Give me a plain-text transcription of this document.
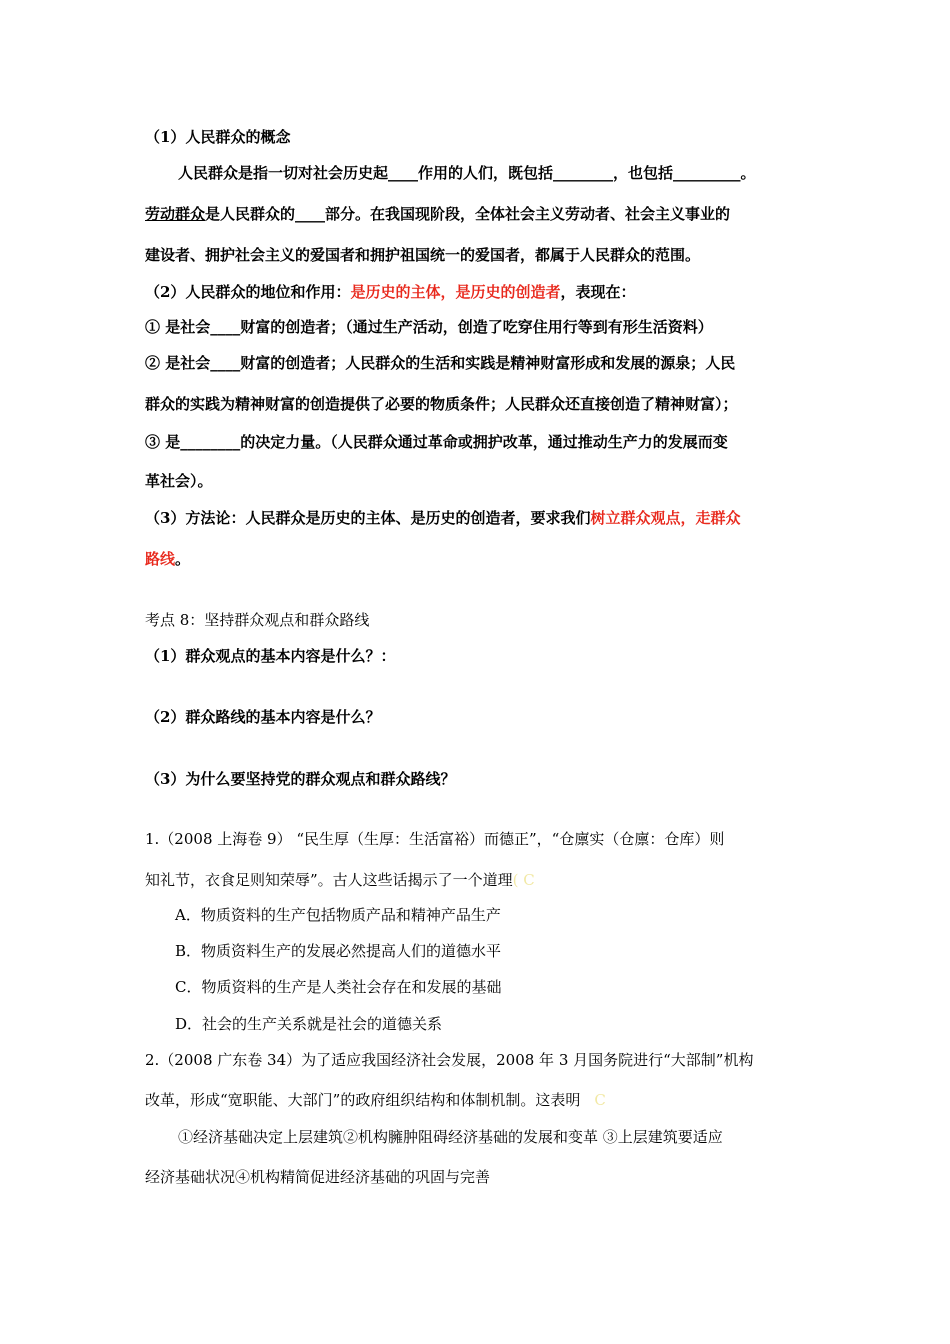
（1）人民群众的概念
人民群众是指一切对社会历史起____作用的人们，既包括________，也包括_________。
劳动群众是人民群众的____部分。在我国现阶段，全体社会主义劳动者、社会主义事业的
建设者、拥护社会主义的爱国者和拥护祖国统一的爱国者，都属于人民群众的范围。
（2）人民群众的地位和作用：是历史的主体，是历史的创造者，表现在：
① 是社会____财富的创造者；（通过生产活动，创造了吃穿住用行等到有形生活资料）
② 是社会____财富的创造者；人民群众的生活和实践是精神财富形成和发展的源泉；人民
群众的实践为精神财富的创造提供了必要的物质条件；人民群众还直接创造了精神财富）；
③ 是________的决定力量。（人民群众通过革命或拥护改革，通过推动生产力的发展而变
革社会）。
（3）方法论：人民群众是历史的主体、是历史的创造者，要求我们树立群众观点，走群众
路线。
考点 8：坚持群众观点和群众路线
（1）群众观点的基本内容是什么？：
（2）群众路线的基本内容是什么？
（3）为什么要坚持党的群众观点和群众路线？
1.（2008 上海卷 9） “民生厚（生厚：生活富裕）而德正”，“仓廪实（仓廪：仓库）则
知礼节，衣食足则知荣辱”。古人这些话揭示了一个道理( C
A．物质资料的生产包括物质产品和精神产品生产
B．物质资料生产的发展必然提高人们的道德水平
C．物质资料的生产是人类社会存在和发展的基础
D．社会的生产关系就是社会的道德关系
2.（2008 广东卷 34）为了适应我国经济社会发展，2008 年 3 月国务院进行“大部制”机构
改革，形成“宽职能、大部门”的政府组织结构和体制机制。这表明 C
①经济基础决定上层建筑②机构臃肿阻碍经济基础的发展和变革 ③上层建筑要适应
经济基础状况④机构精简促进经济基础的巩固与完善
